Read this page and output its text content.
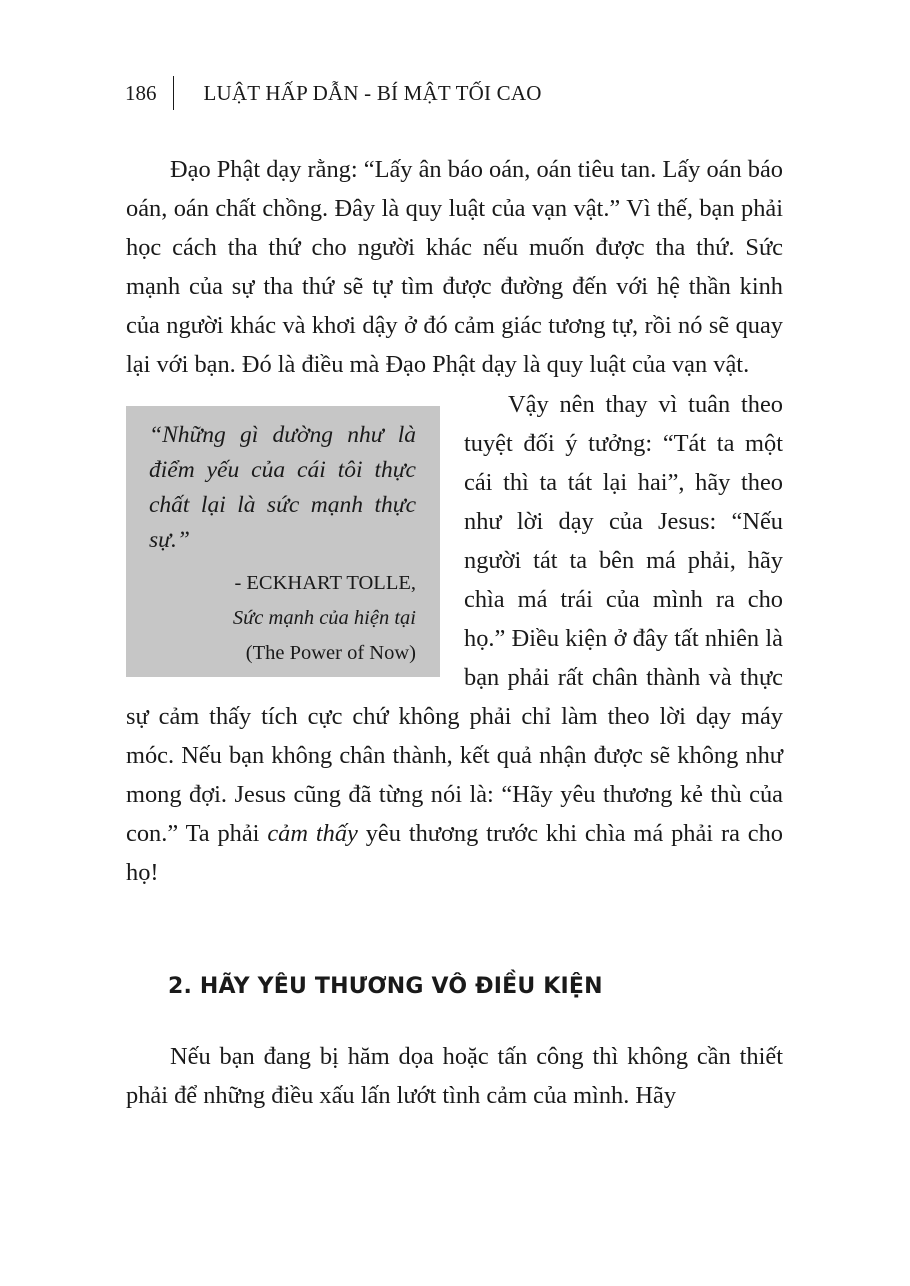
186 LUẬT HẤP DẪN - BÍ MẬT TỐI CAO

Đạo Phật dạy rằng: “Lấy ân báo oán, oán tiêu tan. Lấy oán báo oán, oán chất chồng. Đây là quy luật của vạn vật.” Vì thế, bạn phải học cách tha thứ cho người khác nếu muốn được tha thứ. Sức mạnh của sự tha thứ sẽ tự tìm được đường đến với hệ thần kinh của người khác và khơi dậy ở đó cảm giác tương tự, rồi nó sẽ quay lại với bạn. Đó là điều mà Đạo Phật dạy là quy luật của vạn vật.

“Những gì dường như là điểm yếu của cái tôi thực chất lại là sức mạnh thực sự.”

- ECKHART TOLLE,

Sức mạnh của hiện tại

(The Power of Now)

Vậy nên thay vì tuân theo tuyệt đối ý tưởng: “Tát ta một cái thì ta tát lại hai”, hãy theo như lời dạy của Jesus: “Nếu người tát ta bên má phải, hãy chìa má trái của mình ra cho họ.” Điều kiện ở đây tất nhiên là bạn phải rất chân thành và thực sự cảm thấy tích cực chứ không phải chỉ làm theo lời dạy máy móc. Nếu bạn không chân thành, kết quả nhận được sẽ không như mong đợi. Jesus cũng đã từng nói là: “Hãy yêu thương kẻ thù của con.” Ta phải cảm thấy yêu thương trước khi chìa má phải ra cho họ!

2. HÃY YÊU THƯƠNG VÔ ĐIỀU KIỆN

Nếu bạn đang bị hăm dọa hoặc tấn công thì không cần thiết phải để những điều xấu lấn lướt tình cảm của mình. Hãy
